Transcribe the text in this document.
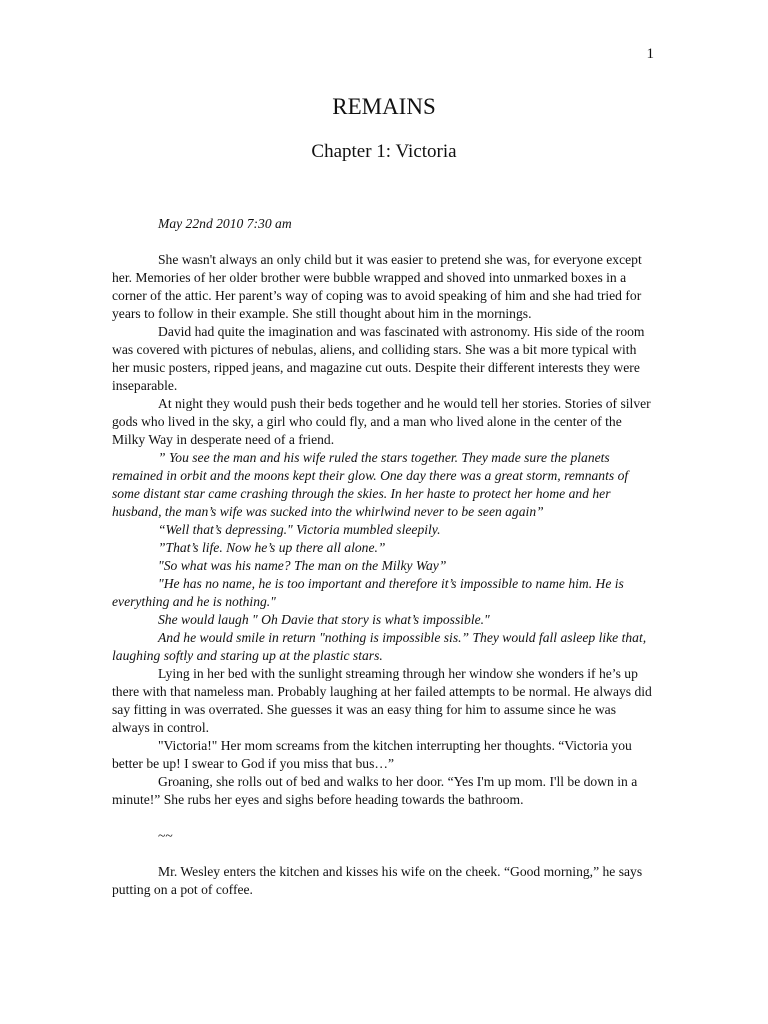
1
REMAINS
Chapter 1: Victoria

May 22nd 2010 7:30 am

She wasn't always an only child but it was easier to pretend she was, for everyone except her. Memories of her older brother were bubble wrapped and shoved into unmarked boxes in a corner of the attic. Her parent’s way of coping was to avoid speaking of him and she had tried for years to follow in their example. She still thought about him in the mornings.

David had quite the imagination and was fascinated with astronomy. His side of the room was covered with pictures of nebulas, aliens, and colliding stars. She was a bit more typical with her music posters, ripped jeans, and magazine cut outs. Despite their different interests they were inseparable.

At night they would push their beds together and he would tell her stories. Stories of silver gods who lived in the sky, a girl who could fly, and a man who lived alone in the center of the Milky Way in desperate need of a friend.

” You see the man and his wife ruled the stars together. They made sure the planets remained in orbit and the moons kept their glow. One day there was a great storm, remnants of some distant star came crashing through the skies. In her haste to protect her home and her husband, the man’s wife was sucked into the whirlwind never to be seen again”

“Well that’s depressing." Victoria mumbled sleepily.

”That’s life. Now he’s up there all alone.”

"So what was his name? The man on the Milky Way”

"He has no name, he is too important and therefore it’s impossible to name him. He is everything and he is nothing."

She would laugh " Oh Davie that story is what’s impossible."

And he would smile in return "nothing is impossible sis.” They would fall asleep like that, laughing softly and staring up at the plastic stars.

Lying in her bed with the sunlight streaming through her window she wonders if he’s up there with that nameless man. Probably laughing at her failed attempts to be normal. He always did say fitting in was overrated. She guesses it was an easy thing for him to assume since he was always in control.

"Victoria!" Her mom screams from the kitchen interrupting her thoughts. “Victoria you better be up! I swear to God if you miss that bus…”

Groaning, she rolls out of bed and walks to her door. “Yes I'm up mom. I'll be down in a minute!” She rubs her eyes and sighs before heading towards the bathroom.

~~

Mr. Wesley enters the kitchen and kisses his wife on the cheek. “Good morning,” he says putting on a pot of coffee.
